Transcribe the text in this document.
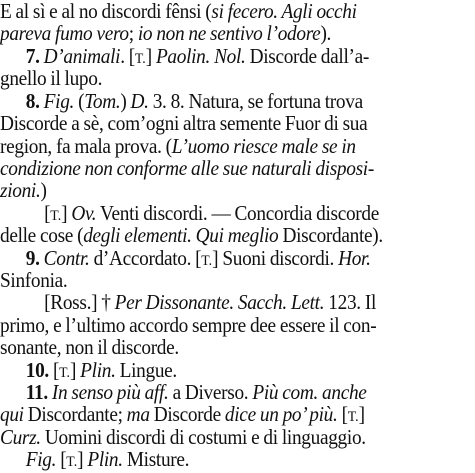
E al sì e al no discordi fênsi (si fecero. Agli occhi
pareva fumo vero; io non ne sentivo l’odore).
7. D’animali. [T.] Paolin. Nol. Discorde dall’a-
gnello il lupo.
8. Fig. (Tom.) D. 3. 8. Natura, se fortuna trova
Discorde a sè, com’ogni altra semente Fuor di sua
region, fa mala prova. (L’uomo riesce male se in
condizione non conforme alle sue naturali disposi-
zioni.)
[T.] Ov. Venti discordi. — Concordia discorde
delle cose (degli elementi. Qui meglio Discordante).
9. Contr. d’Accordato. [T.] Suoni discordi. Hor.
Sinfonia.
[Ross.] † Per Dissonante. Sacch. Lett. 123. Il
primo, e l’ultimo accordo sempre dee essere il con-
sonante, non il discorde.
10. [T.] Plin. Lingue.
11. In senso più aff. a Diverso. Più com. anche
qui Discordante; ma Discorde dice un po’ più. [T.]
Curz. Uomini discordi di costumi e di linguaggio.
Fig. [T.] Plin. Misture.
